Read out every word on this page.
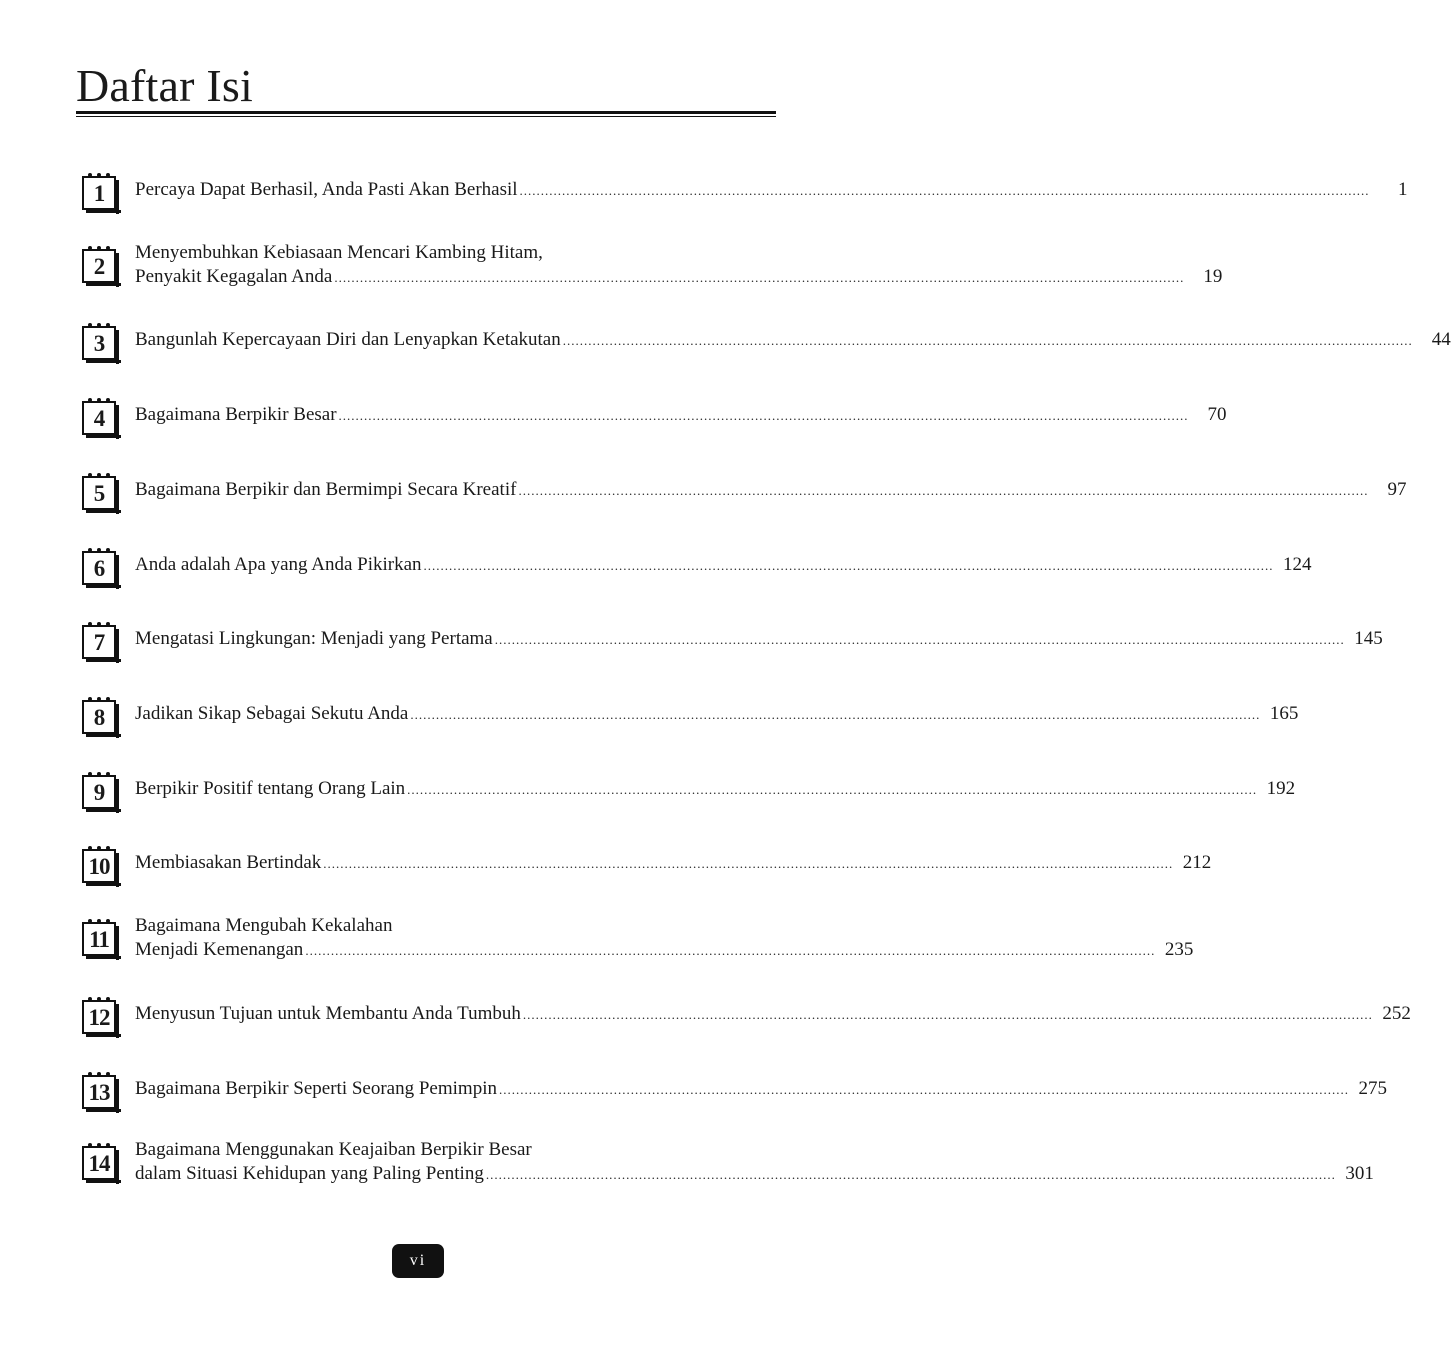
Daftar Isi
1	Percaya Dapat Berhasil, Anda Pasti Akan Berhasil ........................................................................................................................................................................................................	1
2
Menyembuhkan Kebiasaan Mencari Kambing Hitam,
Penyakit Kegagalan Anda ........................................................................................................................................................................................................	19
3	Bangunlah Kepercayaan Diri dan Lenyapkan Ketakutan ........................................................................................................................................................................................................	44
4	Bagaimana Berpikir Besar ........................................................................................................................................................................................................	70
5	Bagaimana Berpikir dan Bermimpi Secara Kreatif ........................................................................................................................................................................................................	97
6	Anda adalah Apa yang Anda Pikirkan ........................................................................................................................................................................................................ 124
7	Mengatasi Lingkungan: Menjadi yang Pertama ........................................................................................................................................................................................................ 145
8	Jadikan Sikap Sebagai Sekutu Anda ........................................................................................................................................................................................................ 165
9	Berpikir Positif tentang Orang Lain ........................................................................................................................................................................................................ 192
10 Membiasakan Bertindak ........................................................................................................................................................................................................ 212
11
Bagaimana Mengubah Kekalahan
Menjadi Kemenangan ........................................................................................................................................................................................................ 235
12 Menyusun Tujuan untuk Membantu Anda Tumbuh ........................................................................................................................................................................................................ 252
13 Bagaimana Berpikir Seperti Seorang Pemimpin ........................................................................................................................................................................................................ 275
14
Bagaimana Menggunakan Keajaiban Berpikir Besar
dalam Situasi Kehidupan yang Paling Penting ........................................................................................................................................................................................................ 301
vi
